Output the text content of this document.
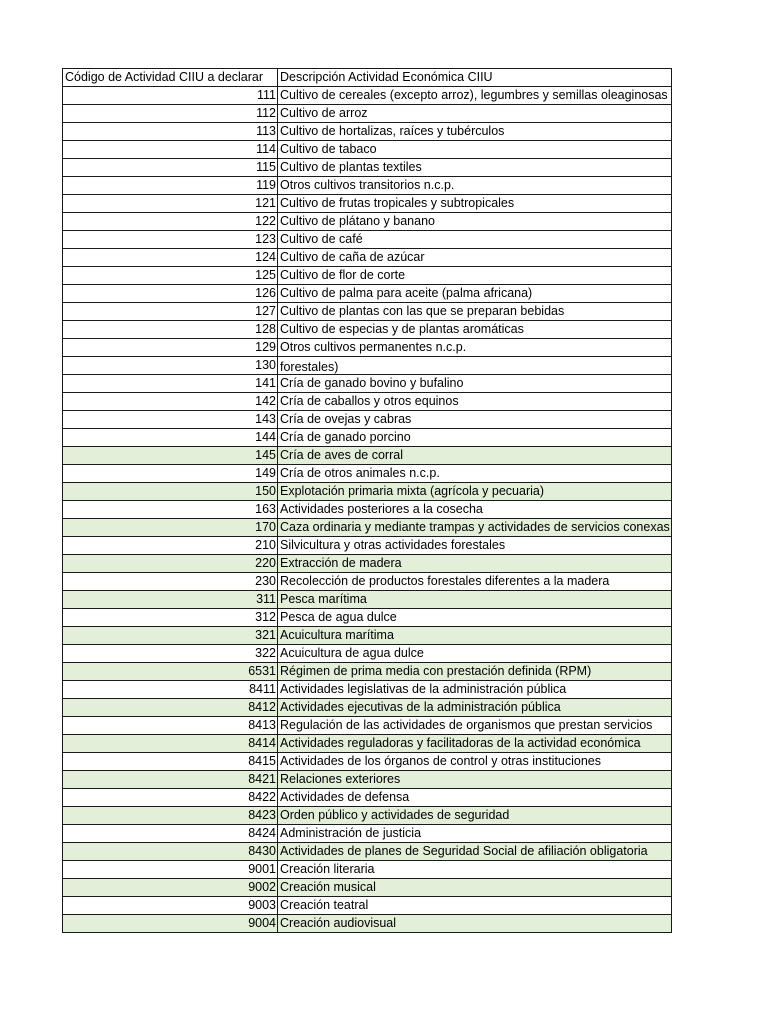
Código de Actividad CIIU a declarar	Descripción Actividad Económica CIIU
111	Cultivo de cereales (excepto arroz), legumbres y semillas oleaginosas
112	Cultivo de arroz
113	Cultivo de hortalizas, raíces y tubérculos
114	Cultivo de tabaco
115	Cultivo de plantas textiles
119	Otros cultivos transitorios n.c.p.
121	Cultivo de frutas tropicales y subtropicales
122	Cultivo de plátano y banano
123	Cultivo de café
124	Cultivo de caña de azúcar
125	Cultivo de flor de corte
126	Cultivo de palma para aceite (palma africana)
127	Cultivo de plantas con las que se preparan bebidas
128	Cultivo de especias y de plantas aromáticas
129	Otros cultivos permanentes n.c.p.
130	forestales)
141	Cría de ganado bovino y bufalino
142	Cría de caballos y otros equinos
143	Cría de ovejas y cabras
144	Cría de ganado porcino
145	Cría de aves de corral
149	Cría de otros animales n.c.p.
150	Explotación primaria mixta (agrícola y pecuaria)
163	Actividades posteriores a la cosecha
170	Caza ordinaria y mediante trampas y actividades de servicios conexas
210	Silvicultura y otras actividades forestales
220	Extracción de madera
230	Recolección de productos forestales diferentes a la madera
311	Pesca marítima
312	Pesca de agua dulce
321	Acuicultura marítima
322	Acuicultura de agua dulce
6531	Régimen de prima media con prestación definida (RPM)
8411	Actividades legislativas de la administración pública
8412	Actividades ejecutivas de la administración pública
8413	Regulación de las actividades de organismos que prestan servicios
8414	Actividades reguladoras y facilitadoras de la actividad económica
8415	Actividades de los órganos de control y otras instituciones
8421	Relaciones exteriores
8422	Actividades de defensa
8423	Orden público y actividades de seguridad
8424	Administración de justicia
8430	Actividades de planes de Seguridad Social de afiliación obligatoria
9001	Creación literaria
9002	Creación musical
9003	Creación teatral
9004	Creación audiovisual
